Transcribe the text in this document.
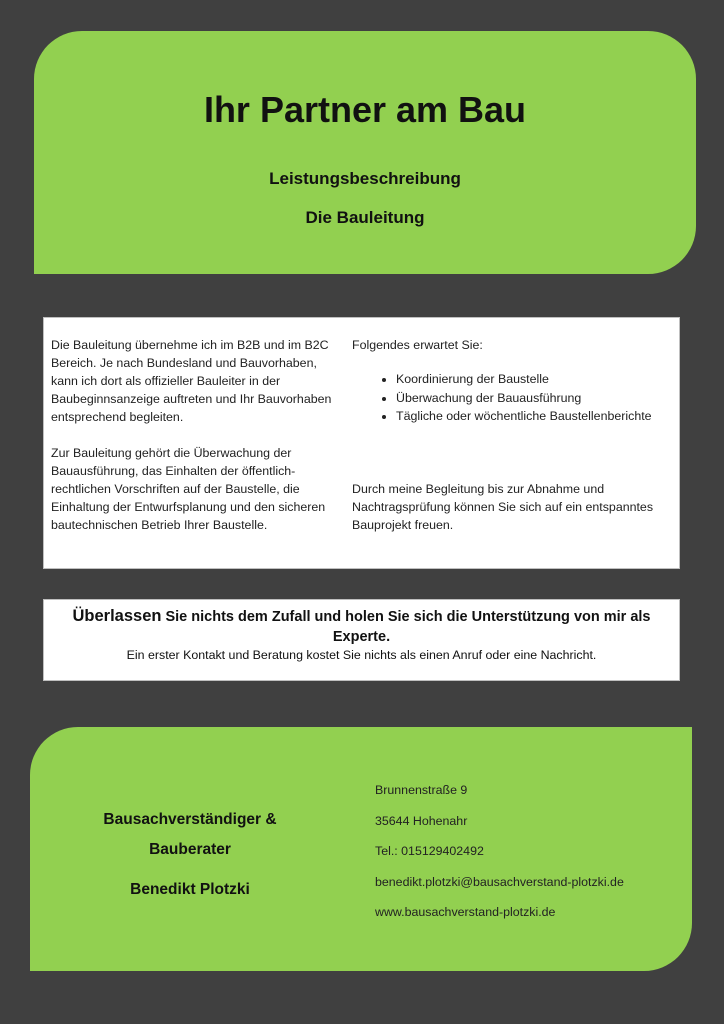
Ihr Partner am Bau

Leistungsbeschreibung

Die Bauleitung

Die Bauleitung übernehme ich im B2B und im B2C Bereich. Je nach Bundesland und Bauvorhaben, kann ich dort als offizieller Bauleiter in der Baubeginnsanzeige auftreten und Ihr Bauvorhaben entsprechend begleiten.

Zur Bauleitung gehört die Überwachung der Bauausführung, das Einhalten der öffentlich-rechtlichen Vorschriften auf der Baustelle, die Einhaltung der Entwurfsplanung und den sicheren bautechnischen Betrieb Ihrer Baustelle.

Folgendes erwartet Sie:

• Koordinierung der Baustelle
• Überwachung der Bauausführung
• Tägliche oder wöchentliche Baustellenberichte

Durch meine Begleitung bis zur Abnahme und Nachtragsprüfung können Sie sich auf ein entspanntes Bauprojekt freuen.

Überlassen Sie nichts dem Zufall und holen Sie sich die Unterstützung von mir als Experte.
Ein erster Kontakt und Beratung kostet Sie nichts als einen Anruf oder eine Nachricht.
Bausachverständiger &
Bauberater
Benedikt Plotzki
Brunnenstraße 9
35644 Hohenahr
Tel.: 015129402492
benedikt.plotzki@bausachverstand-plotzki.de
www.bausachverstand-plotzki.de
